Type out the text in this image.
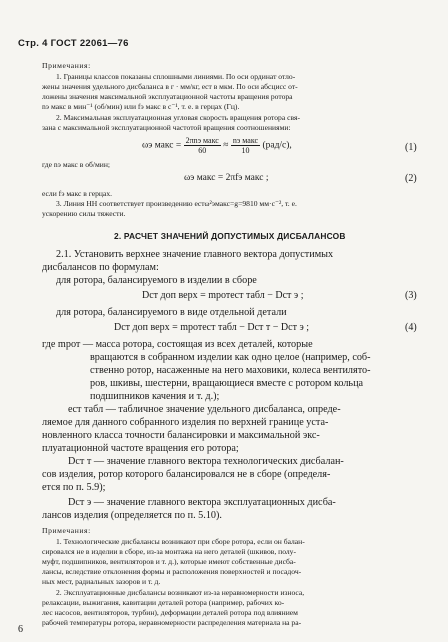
Стр. 4 ГОСТ 22061—76
Примечания:
1. Границы классов показаны сплошными линиями. По оси ординат отло-
жены значения удельного дисбаланса в г · мм/кг, eст в мкм. По оси абсцисс от-
ложены значения максимальной эксплуатационной частоты вращения ротора
nэ макс в мин⁻¹ (об/мин) или fэ макс в с⁻¹, т. е. в герцах (Гц).
2. Максимальная эксплуатационная угловая скорость вращения ротора свя-
зана с максимальной эксплуатационной частотой вращения соотношениями:
ωэ макс = $\frac{\text{2πnэ макс}}{60} \approx \frac{\text{nэ макс}}{10} (рад/с)$,	(1)
где nэ макс в об/мин;
ωэ макс = 2πfэ макс ;	(2)
если fэ макс в герцах.
3. Линия НН соответствует произведению eстω²эмакс=g=9810 мм·с⁻², т. е.
ускорению силы тяжести.
2. РАСЧЕТ ЗНАЧЕНИЙ ДОПУСТИМЫХ ДИСБАЛАНСОВ
2.1. Установить верхнее значение главного вектора допустимых
дисбалансов по формулам:
для ротора, балансируемого в изделии в сборе
Dст доп верх = mротeст табл − Dст э ;	(3)
для ротора, балансируемого в виде отдельной детали
Dст доп верх = mротeст табл − Dст т − Dст э ;	(4)
где mрот — масса ротора, состоящая из всех деталей, которые
вращаются в собранном изделии как одно целое (например, соб-
ственно ротор, насаженные на него маховики, колеса вентилято-
ров, шкивы, шестерни, вращающиеся вместе с ротором кольца
подшипников качения и т. д.);
eст табл — табличное значение удельного дисбаланса, опреде-
ляемое для данного собранного изделия по верхней границе уста-
новленного класса точности балансировки и максимальной экс-
плуатационной частоте вращения его ротора;
Dст т — значение главного вектора технологических дисбалан-
сов изделия, ротор которого балансировался не в сборе (определя-
ется по п. 5.9);
Dст э — значение главного вектора эксплуатационных дисба-
лансов изделия (определяется по п. 5.10).
Примечания:
1. Технологические дисбалансы возникают при сборе ротора, если он балан-
сировался не в изделии в сборе, из-за монтажа на него деталей (шкивов, полу-
муфт, подшипников, вентиляторов и т. д.), которые имеют собственные дисба-
лансы, вследствие отклонения формы и расположения поверхностей и посадоч-
ных мест, радиальных зазоров и т. д.
2. Эксплуатационные дисбалансы возникают из-за неравномерности износа,
релаксации, выжигания, кавитации деталей ротора (например, рабочих ко-
лес насосов, вентиляторов, турбин), деформации деталей ротора под влиянием
рабочей температуры ротора, неравномерности распределения материала на ра-
6
